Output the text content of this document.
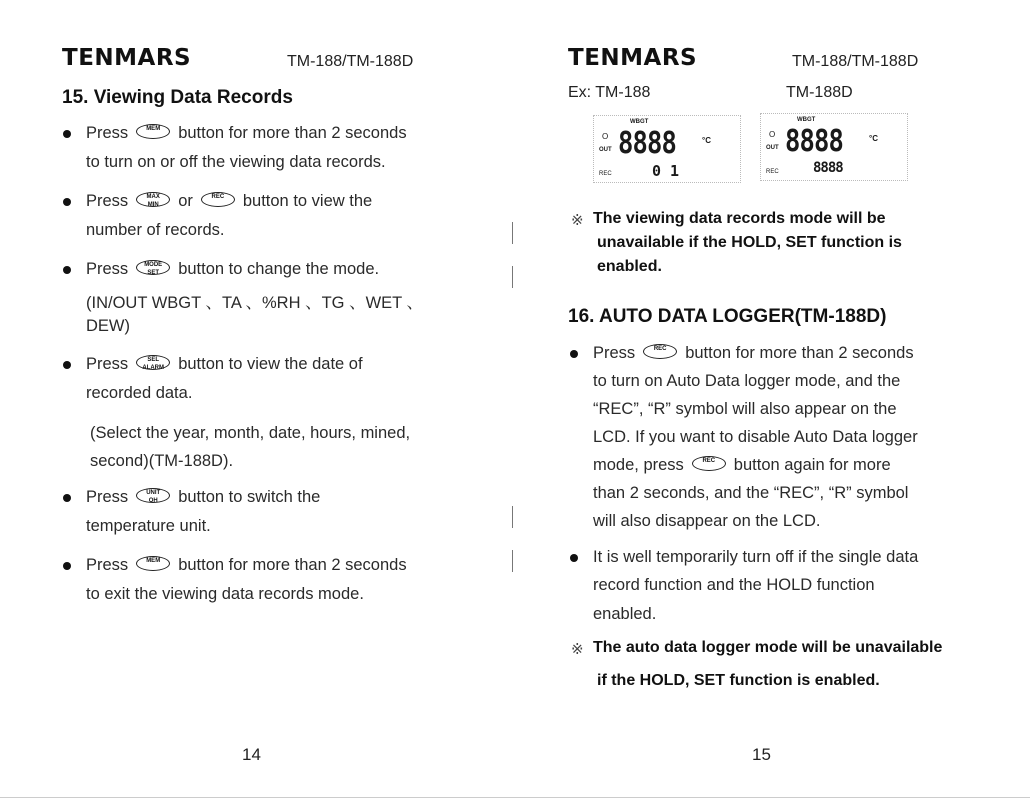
TENMARS	TM-188/TM-188D
15. Viewing Data Records
Press	MEM	button for more than 2 seconds
to turn on or off the viewing data records.
Press	MAX
MIN	or	REC	button to view the
number of records.
Press	MODE
SET	button to change the mode.
(IN/OUT WBGT 、TA 、%RH 、TG 、WET 、
DEW)
Press	SEL
ALARM button to view the date of
recorded data.
(Select the year, month, date, hours, mined,
second)(TM-188D).
Press	UNIT
OH	button to switch the
temperature unit.
Press	MEM	button for more than 2 seconds
to exit the viewing data records mode.
14
TENMARS	TM-188/TM-188D
Ex: TM-188	TM-188D
WBGT
O
OUT
REC
8888	°C
0 1
WBGT
O
OUT
REC
8888	°C
8888
※ The viewing data records mode will be
unavailable if the HOLD, SET function is
enabled.
16. AUTO DATA LOGGER(TM-188D)
Press	REC	button for more than 2 seconds
to turn on Auto Data logger mode, and the
“REC”, “R” symbol will also appear on the
LCD. If you want to disable Auto Data logger
mode, press	REC	button again for more
than 2 seconds, and the “REC”, “R” symbol
will also disappear on the LCD.
It is well temporarily turn off if the single data
record function and the HOLD function
enabled.
※ The auto data logger mode will be unavailable
if the HOLD, SET function is enabled.
15
